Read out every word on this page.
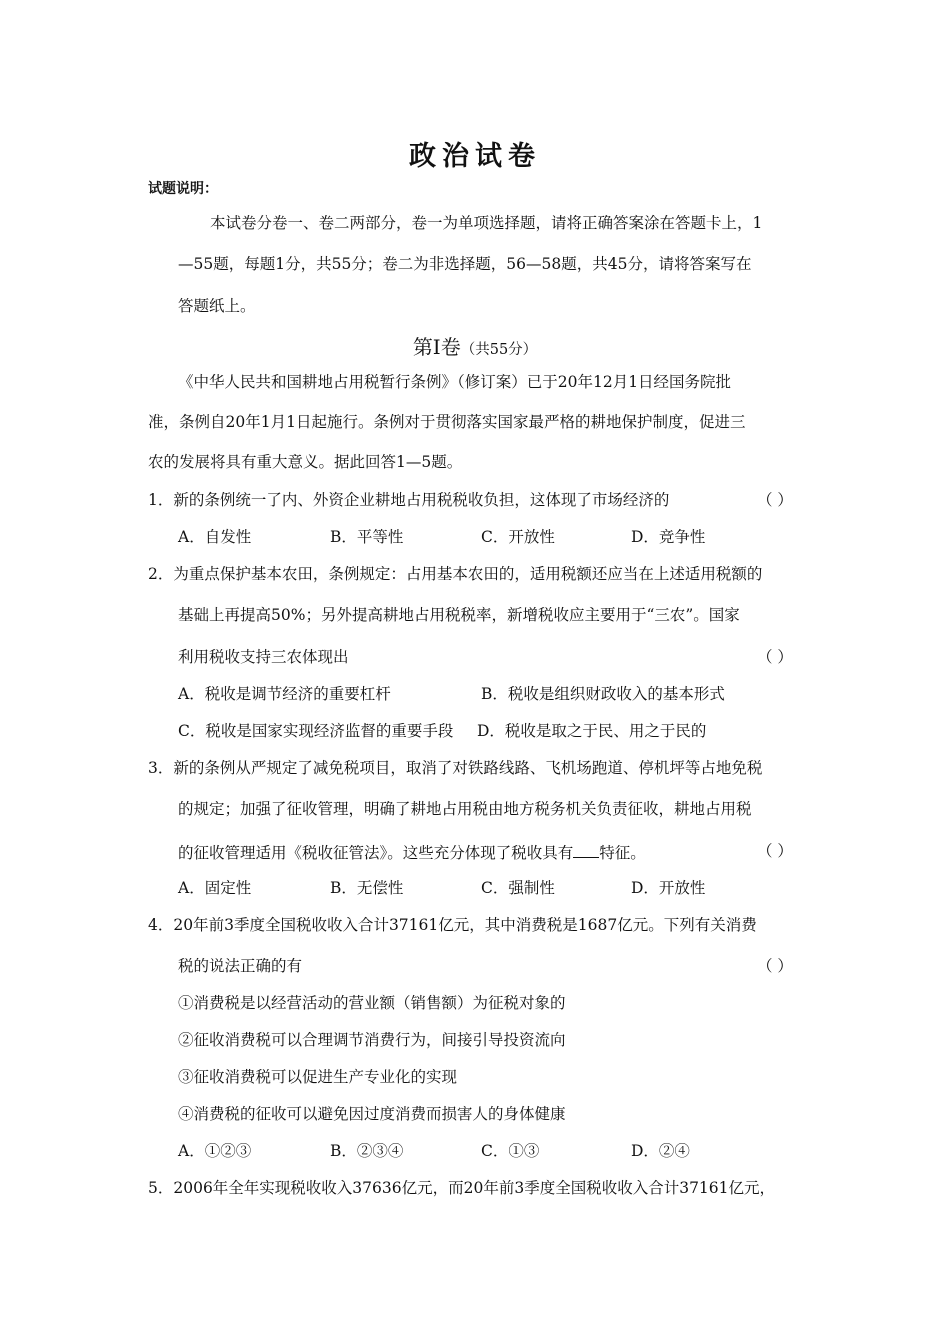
政治试卷
试题说明：
本试卷分卷一、卷二两部分，卷一为单项选择题，请将正确答案涂在答题卡上，1
—55题，每题1分，共55分；卷二为非选择题，56—58题，共45分，请将答案写在
答题纸上。
第Ⅰ卷（共55分）
《中华人民共和国耕地占用税暂行条例》（修订案）已于20年12月1日经国务院批
准，条例自20年1月1日起施行。条例对于贯彻落实国家最严格的耕地保护制度，促进三
农的发展将具有重大意义。据此回答1—5题。
1．新的条例统一了内、外资企业耕地占用税税收负担，这体现了市场经济的	（ ）
A．自发性	B．平等性	C．开放性	D．竞争性
2．为重点保护基本农田，条例规定：占用基本农田的，适用税额还应当在上述适用税额的
基础上再提高50%；另外提高耕地占用税税率，新增税收应主要用于“三农”。国家
利用税收支持三农体现出	（ ）
A．税收是调节经济的重要杠杆	B．税收是组织财政收入的基本形式
C．税收是国家实现经济监督的重要手段 D．税收是取之于民、用之于民的
3．新的条例从严规定了减免税项目，取消了对铁路线路、飞机场跑道、停机坪等占地免税
的规定；加强了征收管理，明确了耕地占用税由地方税务机关负责征收，耕地占用税
的征收管理适用《税收征管法》。这些充分体现了税收具有 特征。	（ ）
A．固定性	B．无偿性	C．强制性	D．开放性
4．20年前3季度全国税收收入合计37161亿元，其中消费税是1687亿元。下列有关消费
税的说法正确的有	（ ）
①消费税是以经营活动的营业额（销售额）为征税对象的
②征收消费税可以合理调节消费行为，间接引导投资流向
③征收消费税可以促进生产专业化的实现
④消费税的征收可以避免因过度消费而损害人的身体健康
A．①②③	B．②③④	C．①③	D．②④
5．2006年全年实现税收收入37636亿元，而20年前3季度全国税收收入合计37161亿元，
